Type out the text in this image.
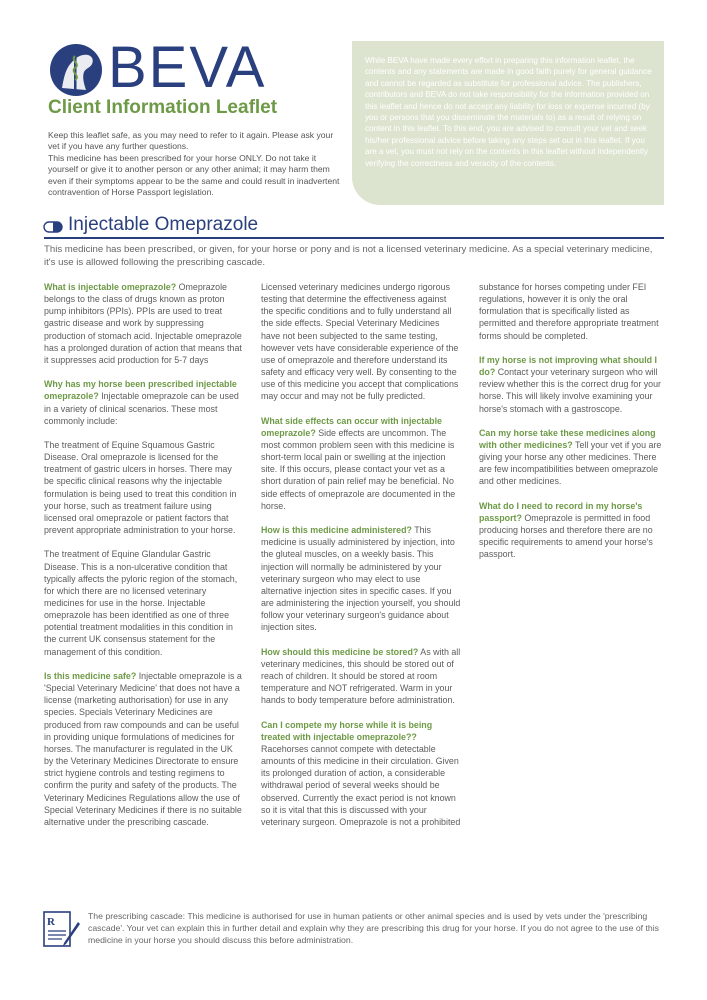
BEVA
Client Information Leaflet

Keep this leaflet safe, as you may need to refer to it again. Please ask your vet if you have any further questions.

This medicine has been prescribed for your horse ONLY. Do not take it yourself or give it to another person or any other animal; it may harm them even if their symptoms appear to be the same and could result in inadvertent contravention of Horse Passport legislation.

While BEVA have made every effort in preparing this information leaflet, the contents and any statements are made in good faith purely for general guidance and cannot be regarded as substitute for professional advice. The publishers, contributors and BEVA do not take responsibility for the information provided on this leaflet and hence do not accept any liability for loss or expense incurred (by you or persons that you disseminate the materials to) as a result of relying on content in this leaflet. To this end, you are advised to consult your vet and seek his/her professional advice before taking any steps set out in this leaflet. If you are a vet, you must not rely on the contents in this leaflet without independently verifying the correctness and veracity of the contents.
Injectable Omeprazole
This medicine has been prescribed, or given, for your horse or pony and is not a licensed veterinary medicine. As a special veterinary medicine, it's use is allowed following the prescribing cascade.

What is injectable omeprazole? Omeprazole belongs to the class of drugs known as proton pump inhibitors (PPIs). PPIs are used to treat gastric disease and work by suppressing production of stomach acid. Injectable omeprazole has a prolonged duration of action that means that it suppresses acid production for 5-7 days

Why has my horse been prescribed injectable omeprazole? Injectable omeprazole can be used in a variety of clinical scenarios. These most commonly include:

The treatment of Equine Squamous Gastric Disease. Oral omeprazole is licensed for the treatment of gastric ulcers in horses. There may be specific clinical reasons why the injectable formulation is being used to treat this condition in your horse, such as treatment failure using licensed oral omeprazole or patient factors that prevent appropriate administration to your horse.

The treatment of Equine Glandular Gastric Disease. This is a non-ulcerative condition that typically affects the pyloric region of the stomach, for which there are no licensed veterinary medicines for use in the horse. Injectable omeprazole has been identified as one of three potential treatment modalities in this condition in the current UK consensus statement for the management of this condition.

Is this medicine safe? Injectable omeprazole is a 'Special Veterinary Medicine' that does not have a license (marketing authorisation) for use in any species. Specials Veterinary Medicines are produced from raw compounds and can be useful in providing unique formulations of medicines for horses. The manufacturer is regulated in the UK by the Veterinary Medicines Directorate to ensure strict hygiene controls and testing regimens to confirm the purity and safety of the products. The Veterinary Medicines Regulations allow the use of Special Veterinary Medicines if there is no suitable alternative under the prescribing cascade.

Licensed veterinary medicines undergo rigorous testing that determine the effectiveness against the specific conditions and to fully understand all the side effects. Special Veterinary Medicines have not been subjected to the same testing, however vets have considerable experience of the use of omeprazole and therefore understand its safety and efficacy very well. By consenting to the use of this medicine you accept that complications may occur and may not be fully predicted.

What side effects can occur with injectable omeprazole? Side effects are uncommon. The most common problem seen with this medicine is short-term local pain or swelling at the injection site. If this occurs, please contact your vet as a short duration of pain relief may be beneficial. No side effects of omeprazole are documented in the horse.

How is this medicine administered? This medicine is usually administered by injection, into the gluteal muscles, on a weekly basis. This injection will normally be administered by your veterinary surgeon who may elect to use alternative injection sites in specific cases. If you are administering the injection yourself, you should follow your veterinary surgeon's guidance about injection sites.

How should this medicine be stored? As with all veterinary medicines, this should be stored out of reach of children. It should be stored at room temperature and NOT refrigerated. Warm in your hands to body temperature before administration.

Can I compete my horse while it is being treated with injectable omeprazole?? Racehorses cannot compete with detectable amounts of this medicine in their circulation. Given its prolonged duration of action, a considerable withdrawal period of several weeks should be observed. Currently the exact period is not known so it is vital that this is discussed with your veterinary surgeon. Omeprazole is not a prohibited

substance for horses competing under FEI regulations, however it is only the oral formulation that is specifically listed as permitted and therefore appropriate treatment forms should be completed.

If my horse is not improving what should I do? Contact your veterinary surgeon who will review whether this is the correct drug for your horse. This will likely involve examining your horse's stomach with a gastroscope.

Can my horse take these medicines along with other medicines? Tell your vet if you are giving your horse any other medicines. There are few incompatibilities between omeprazole and other medicines.

What do I need to record in my horse's passport? Omeprazole is permitted in food producing horses and therefore there are no specific requirements to amend your horse's passport.

R	The prescribing cascade: This medicine is authorised for use in human patients or other animal species and is used by vets under the 'prescribing cascade'. Your vet can explain this in further detail and explain why they are prescribing this drug for your horse. If you do not agree to the use of this medicine in your horse you should discuss this before administration.
